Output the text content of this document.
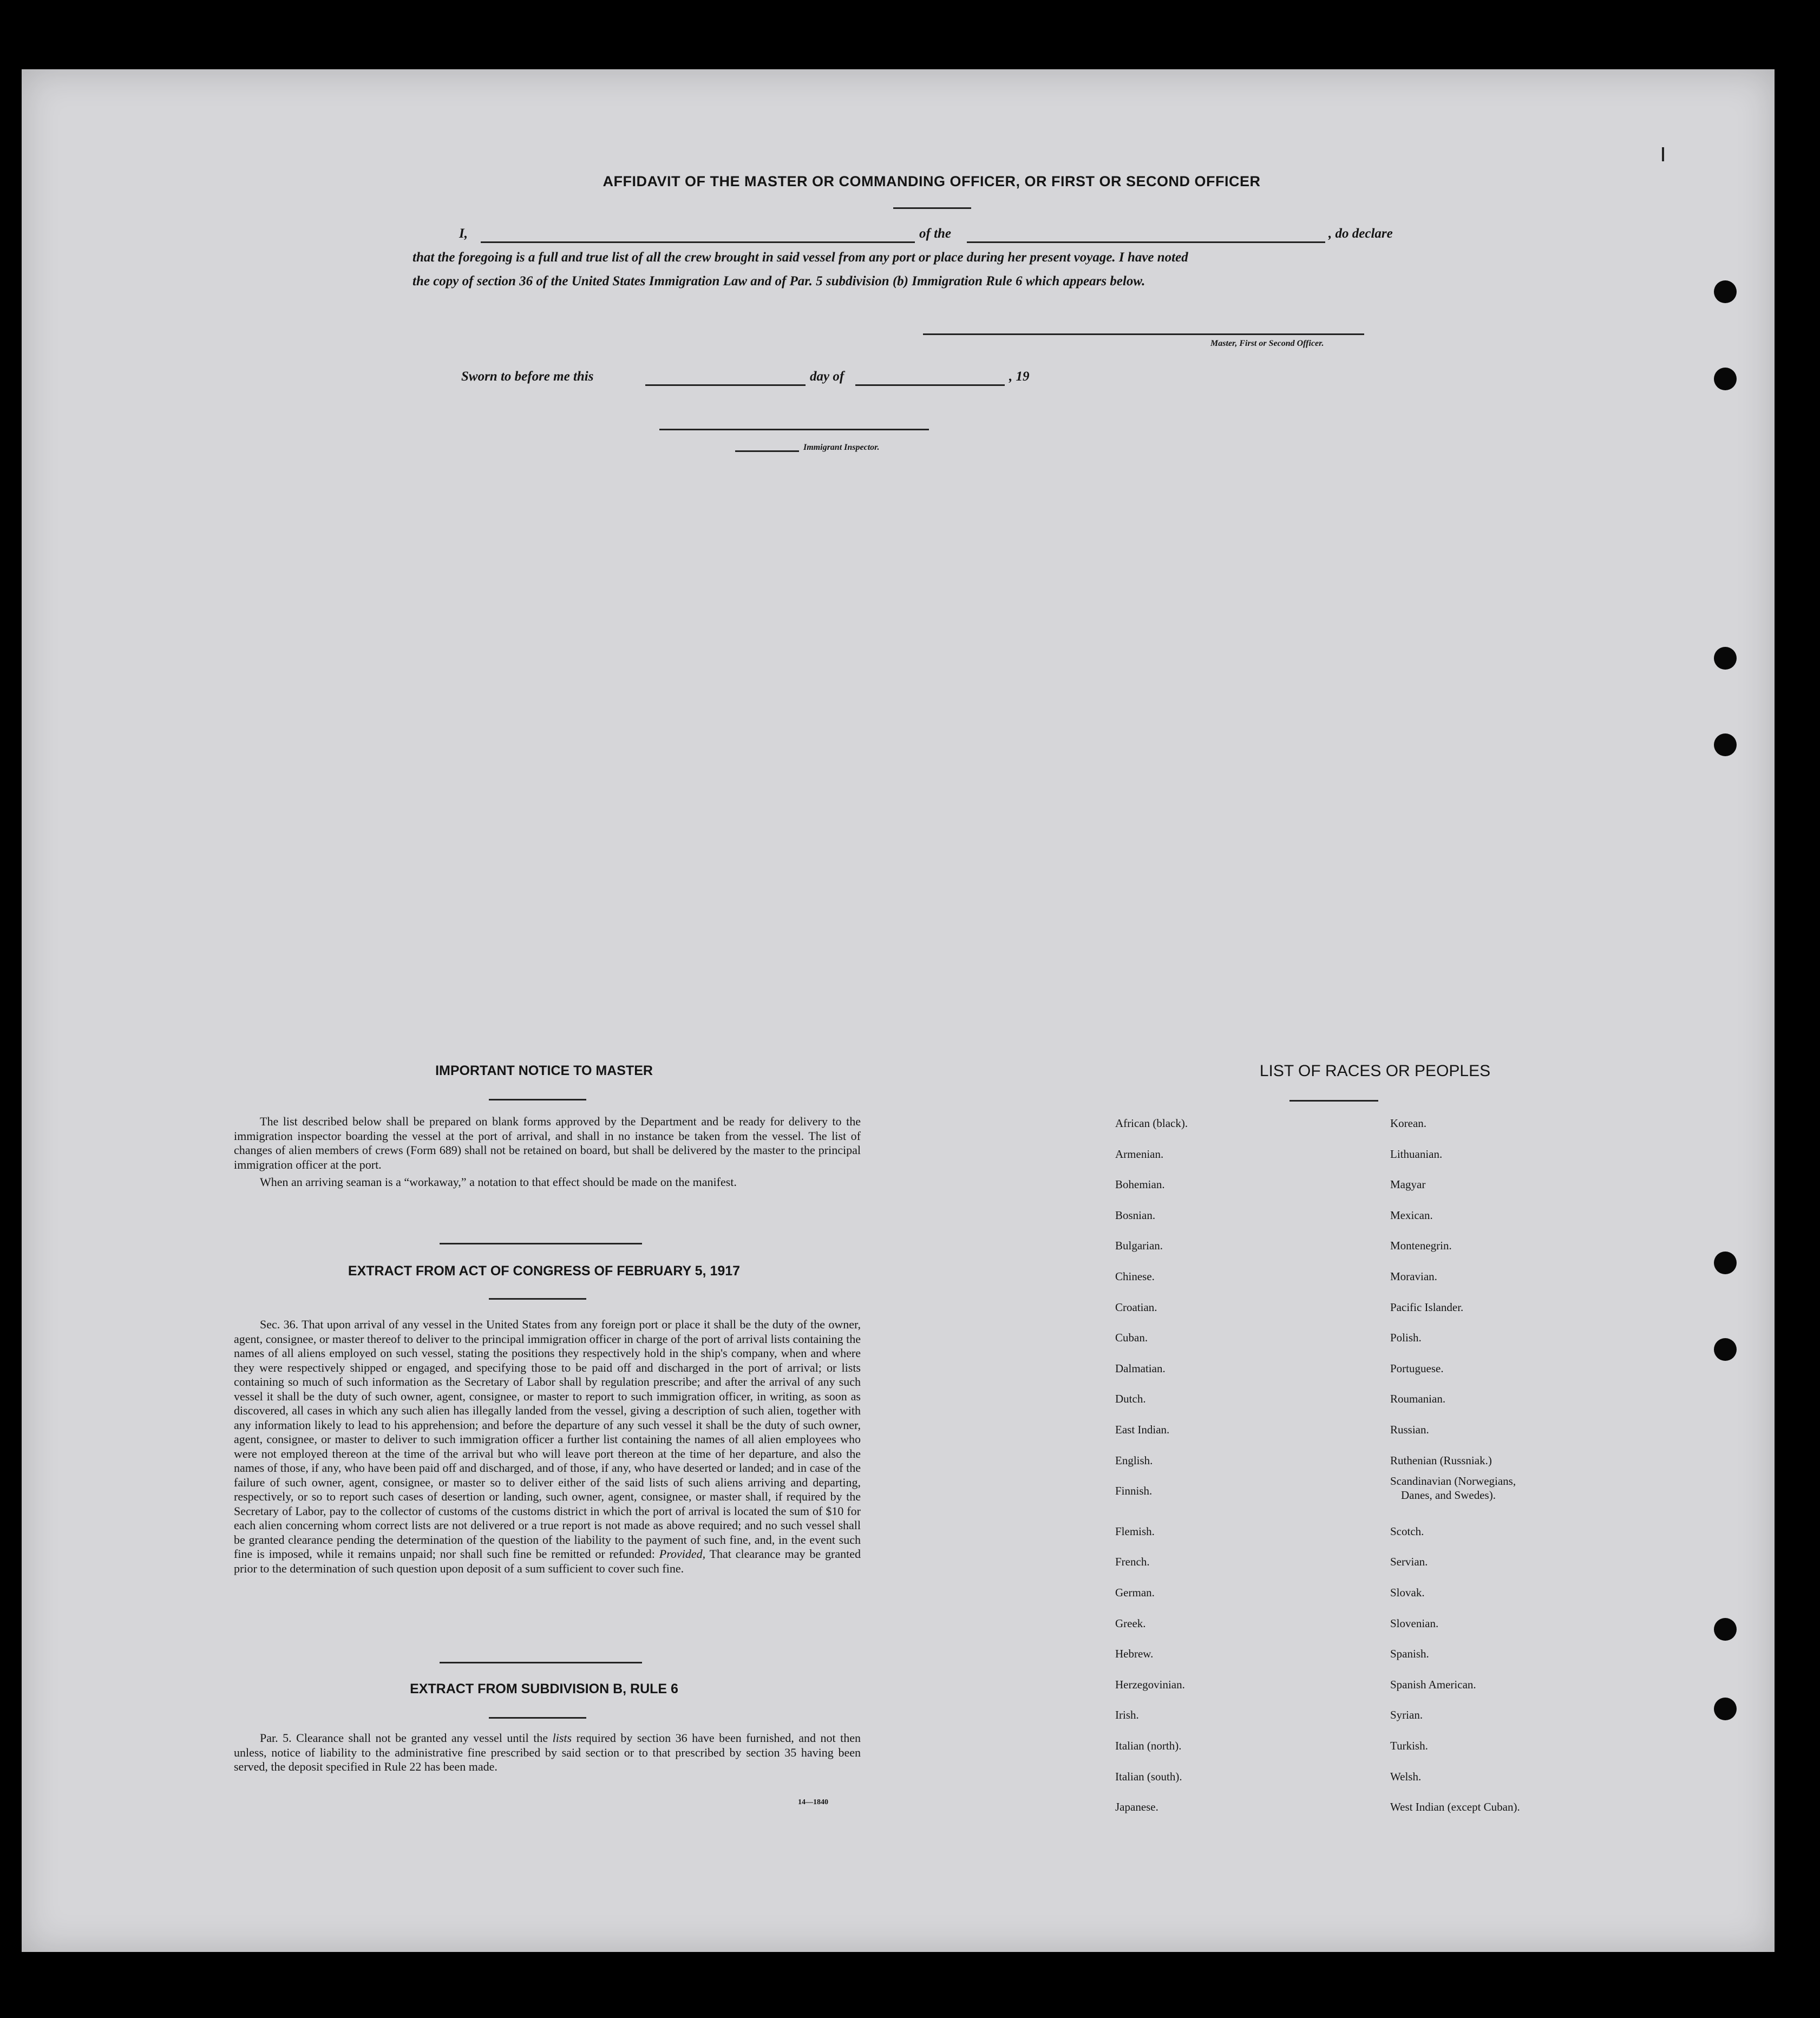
AFFIDAVIT OF THE MASTER OR COMMANDING OFFICER, OR FIRST OR SECOND OFFICER
I,	of the	, do declare
that the foregoing is a full and true list of all the crew brought in said vessel from any port or place during her present voyage. I have noted
the copy of section 36 of the United States Immigration Law and of Par. 5 subdivision (b) Immigration Rule 6 which appears below.
Master, First or Second Officer.
Sworn to before me this	day of	, 19
Immigrant Inspector.
IMPORTANT NOTICE TO MASTER

The list described below shall be prepared on blank forms approved by the Department and be ready for delivery to the immigration inspector boarding the vessel at the port of arrival, and shall in no instance be taken from the vessel. The list of changes of alien members of crews (Form 689) shall not be retained on board, but shall be delivered by the master to the principal immigration officer at the port.

When an arriving seaman is a “workaway,” a notation to that effect should be made on the manifest.

EXTRACT FROM ACT OF CONGRESS OF FEBRUARY 5, 1917

Sec. 36. That upon arrival of any vessel in the United States from any foreign port or place it shall be the duty of the owner, agent, consignee, or master thereof to deliver to the principal immigration officer in charge of the port of arrival lists containing the names of all aliens employed on such vessel, stating the positions they respectively hold in the ship's company, when and where they were respectively shipped or engaged, and specifying those to be paid off and discharged in the port of arrival; or lists containing so much of such information as the Secretary of Labor shall by regulation prescribe; and after the arrival of any such vessel it shall be the duty of such owner, agent, consignee, or master to report to such immigration officer, in writing, as soon as discovered, all cases in which any such alien has illegally landed from the vessel, giving a description of such alien, together with any information likely to lead to his apprehension; and before the departure of any such vessel it shall be the duty of such owner, agent, consignee, or master to deliver to such immigration officer a further list containing the names of all alien employees who were not employed thereon at the time of the arrival but who will leave port thereon at the time of her departure, and also the names of those, if any, who have been paid off and discharged, and of those, if any, who have deserted or landed; and in case of the failure of such owner, agent, consignee, or master so to deliver either of the said lists of such aliens arriving and departing, respectively, or so to report such cases of desertion or landing, such owner, agent, consignee, or master shall, if required by the Secretary of Labor, pay to the collector of customs of the customs district in which the port of arrival is located the sum of $10 for each alien concerning whom correct lists are not delivered or a true report is not made as above required; and no such vessel shall be granted clearance pending the determination of the question of the liability to the payment of such fine, and, in the event such fine is imposed, while it remains unpaid; nor shall such fine be remitted or refunded: Provided, That clearance may be granted prior to the determination of such question upon deposit of a sum sufficient to cover such fine.

EXTRACT FROM SUBDIVISION B, RULE 6

Par. 5. Clearance shall not be granted any vessel until the lists required by section 36 have been furnished, and not then unless, notice of liability to the administrative fine prescribed by said section or to that prescribed by section 35 having been served, the deposit specified in Rule 22 has been made.

14—1840
LIST OF RACES OR PEOPLES
African (black).
Armenian.
Bohemian.
Bosnian.
Bulgarian.
Chinese.
Croatian.
Cuban.
Dalmatian.
Dutch.
East Indian.
English.
Finnish.
Flemish.
French.
German.
Greek.
Hebrew.
Herzegovinian.
Irish.
Italian (north).
Italian (south).
Japanese.
Korean.
Lithuanian.
Magyar
Mexican.
Montenegrin.
Moravian.
Pacific Islander.
Polish.
Portuguese.
Roumanian.
Russian.
Ruthenian (Russniak.)
Scandinavian (Norwegians,
Scotch.
Servian.
Slovak.
Slovenian.
Spanish.
Spanish American.
Syrian.
Turkish.
Welsh.
West Indian (except Cuban).
Danes, and Swedes).
